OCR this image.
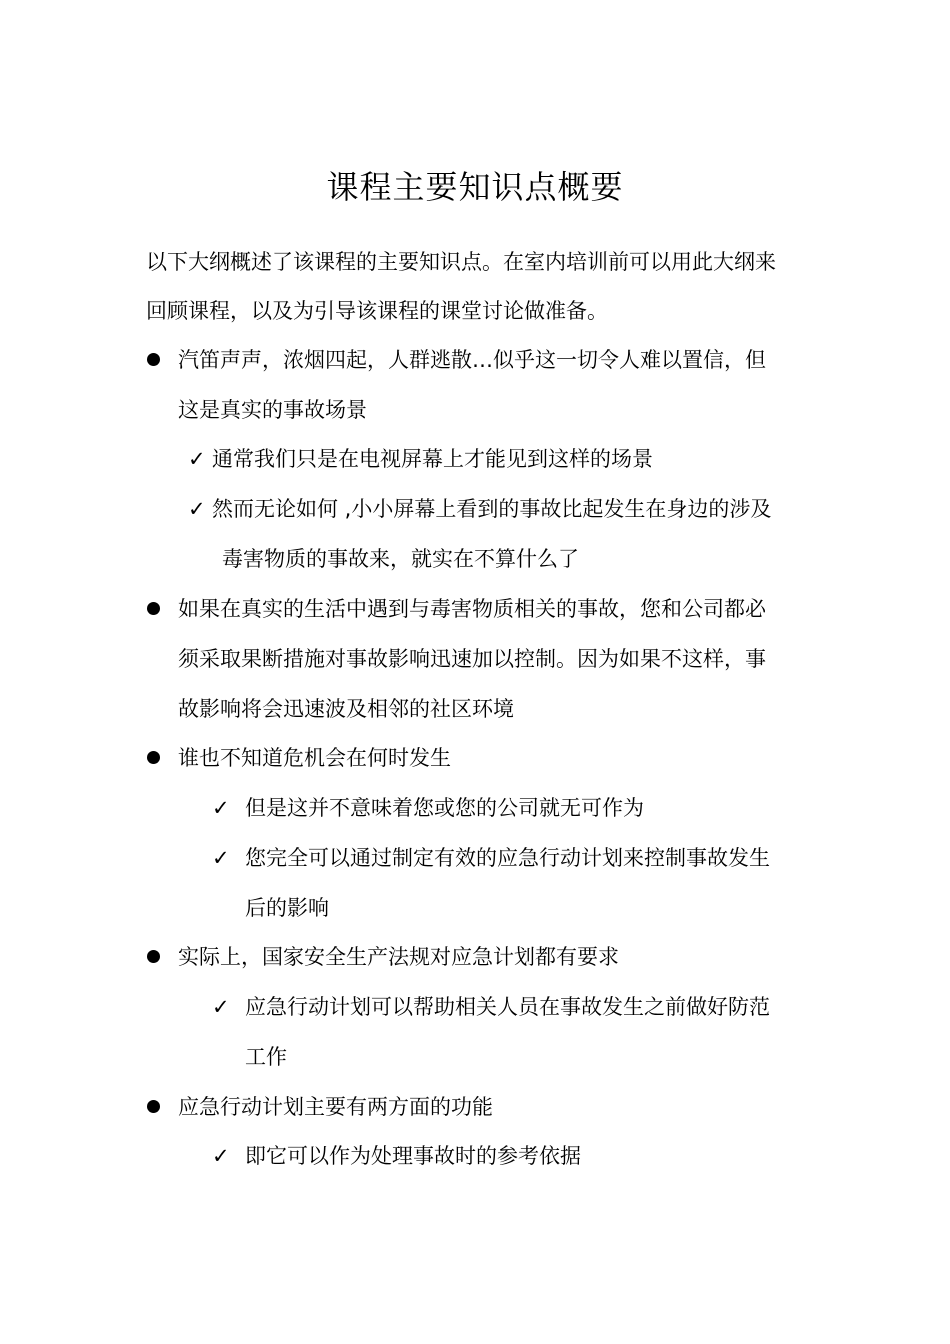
课程主要知识点概要
以下大纲概述了该课程的主要知识点。在室内培训前可以用此大纲来
回顾课程，以及为引导该课程的课堂讨论做准备。
汽笛声声，浓烟四起，人群逃散…似乎这一切令人难以置信，但
这是真实的事故场景
✓ 通常我们只是在电视屏幕上才能见到这样的场景
✓ 然而无论如何 ,小小屏幕上看到的事故比起发生在身边的涉及
毒害物质的事故来，就实在不算什么了
如果在真实的生活中遇到与毒害物质相关的事故，您和公司都必
须采取果断措施对事故影响迅速加以控制。因为如果不这样，事
故影响将会迅速波及相邻的社区环境
谁也不知道危机会在何时发生
✓ 但是这并不意味着您或您的公司就无可作为
✓ 您完全可以通过制定有效的应急行动计划来控制事故发生
后的影响
实际上，国家安全生产法规对应急计划都有要求
✓ 应急行动计划可以帮助相关人员在事故发生之前做好防范
工作
应急行动计划主要有两方面的功能
✓ 即它可以作为处理事故时的参考依据
